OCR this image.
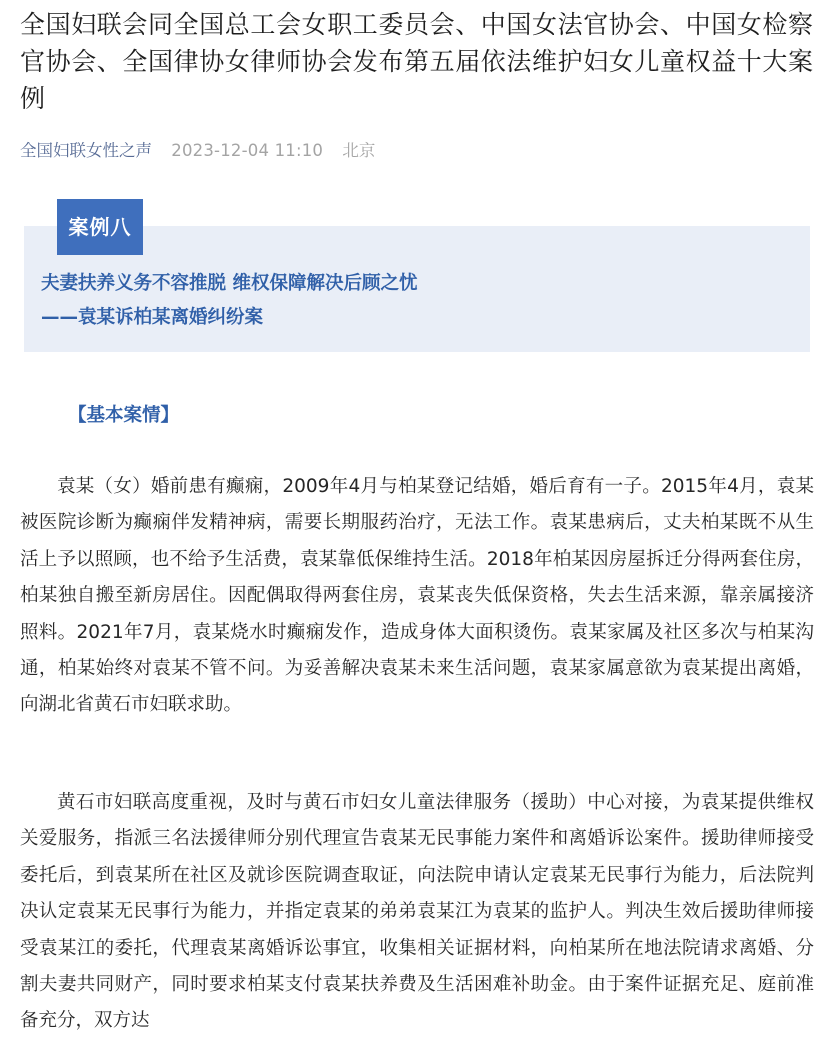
全国妇联会同全国总工会女职工委员会、中国女法官协会、中国女检察官协会、全国律协女律师协会发布第五届依法维护妇女儿童权益十大案例
全国妇联女性之声 2023-12-04 11:10 北京
案例八
夫妻扶养义务不容推脱 维权保障解决后顾之忧
——袁某诉柏某离婚纠纷案
【基本案情】

袁某（女）婚前患有癫痫，2009年4月与柏某登记结婚，婚后育有一子。2015年4月，袁某被医院诊断为癫痫伴发精神病，需要长期服药治疗，无法工作。袁某患病后，丈夫柏某既不从生活上予以照顾，也不给予生活费，袁某靠低保维持生活。2018年柏某因房屋拆迁分得两套住房，柏某独自搬至新房居住。因配偶取得两套住房，袁某丧失低保资格，失去生活来源，靠亲属接济照料。2021年7月，袁某烧水时癫痫发作，造成身体大面积烫伤。袁某家属及社区多次与柏某沟通，柏某始终对袁某不管不问。为妥善解决袁某未来生活问题，袁某家属意欲为袁某提出离婚，向湖北省黄石市妇联求助。

黄石市妇联高度重视，及时与黄石市妇女儿童法律服务（援助）中心对接，为袁某提供维权关爱服务，指派三名法援律师分别代理宣告袁某无民事能力案件和离婚诉讼案件。援助律师接受委托后，到袁某所在社区及就诊医院调查取证，向法院申请认定袁某无民事行为能力，后法院判决认定袁某无民事行为能力，并指定袁某的弟弟袁某江为袁某的监护人。判决生效后援助律师接受袁某江的委托，代理袁某离婚诉讼事宜，收集相关证据材料，向柏某所在地法院请求离婚、分割夫妻共同财产，同时要求柏某支付袁某扶养费及生活困难补助金。由于案件证据充足、庭前准备充分，双方达
